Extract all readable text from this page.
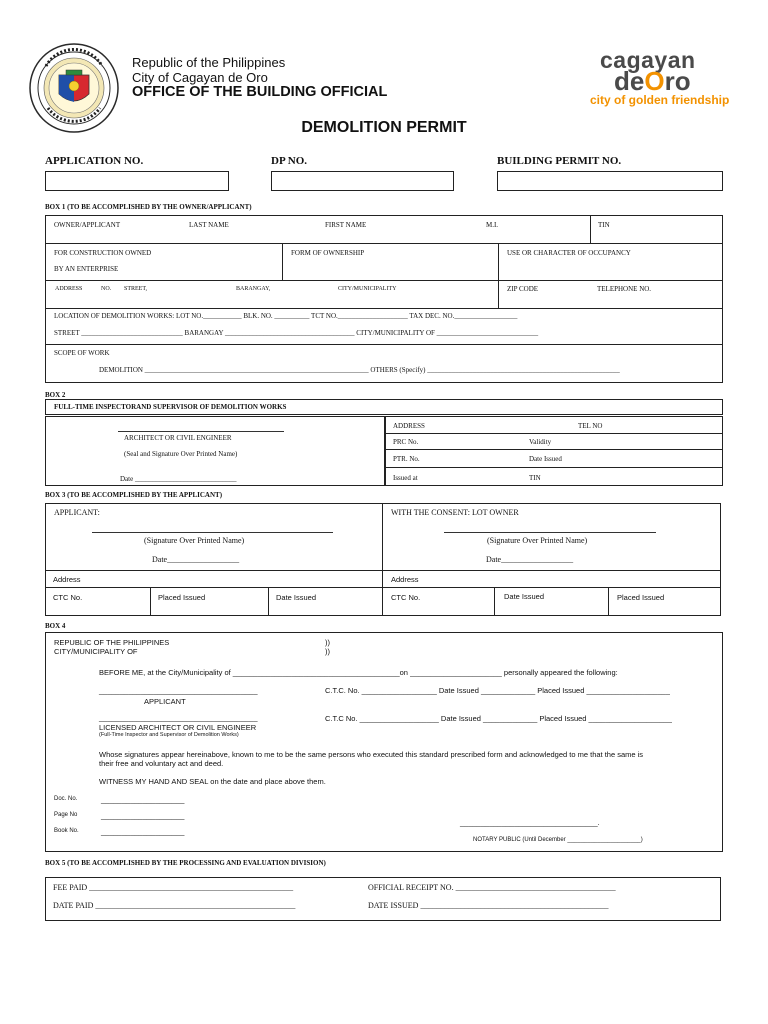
Republic of the Philippines
City of Cagayan de Oro
OFFICE OF THE BUILDING OFFICIAL
cagayan
deOro
city of golden friendship
DEMOLITION PERMIT
APPLICATION NO.	DP NO.	BUILDING PERMIT NO.
BOX 1 (TO BE ACCOMPLISHED BY THE OWNER/APPLICANT)
OWNER/APPLICANT	LAST NAME	FIRST NAME	M.I.	TIN
FOR CONSTRUCTION OWNED
BY AN ENTERPRISE
FORM OF OWNERSHIP	USE OR CHARACTER OF OCCUPANCY
ADDRESS	NO. STREET,	BARANGAY,	CITY/MUNICIPALITY	ZIP CODE	TELEPHONE NO.
LOCATION OF DEMOLITION WORKS: LOT NO.___________ BLK. NO. __________ TCT NO.____________________ TAX DEC. NO.__________________
STREET _____________________________ BARANGAY _____________________________________ CITY/MUNICIPALITY OF _____________________________
SCOPE OF WORK
DEMOLITION ________________________________________________________________ OTHERS (Specify) _______________________________________________________
BOX 2
FULL-TIME INSPECTORAND SUPERVISOR OF DEMOLITION WORKS
ARCHITECT OR CIVIL ENGINEER
(Seal and Signature Over Printed Name)
Date _____________________________
ADDRESS	TEL NO
PRC No.	Validity
PTR. No.	Date Issued
Issued at	TIN
BOX 3 (TO BE ACCOMPLISHED BY THE APPLICANT)
APPLICANT:	WITH THE CONSENT: LOT OWNER
(Signature Over Printed Name)	(Signature Over Printed Name)
Date__________________	Date__________________
Address	Address
CTC No.	Placed Issued	Date Issued	CTC No.	Date Issued	Placed Issued
BOX 4
REPUBLIC OF THE PHILIPPINES
CITY/MUNICIPALITY OF
))
))
BEFORE ME, at the City/Municipality of ________________________________________on ______________________ personally appeared the following:
______________________________________	C.T.C. No. __________________ Date Issued _____________ Placed Issued ____________________
APPLICANT
______________________________________	C.T.C No. ___________________ Date Issued _____________ Placed Issued ____________________
LICENSED ARCHITECT OR CIVIL ENGINEER
(Full-Time Inspector and Supervisor of Demolition Works)
Whose signatures appear hereinabove, known to me to be the same persons who executed this standard prescribed form and acknowledged to me that the same is
their free and voluntary act and deed.
WITNESS MY HAND AND SEAL on the date and place above them.
Doc. No.	____________________
Page No	____________________
Book No.	____________________
_________________________________.
NOTARY PUBLIC (Until December ______________________)
BOX 5 (TO BE ACCOMPLISHED BY THE PROCESSING AND EVALUATION DIVISION)
FEE PAID ___________________________________________________	OFFICIAL RECEIPT NO. ________________________________________
DATE PAID __________________________________________________	DATE ISSUED _______________________________________________
